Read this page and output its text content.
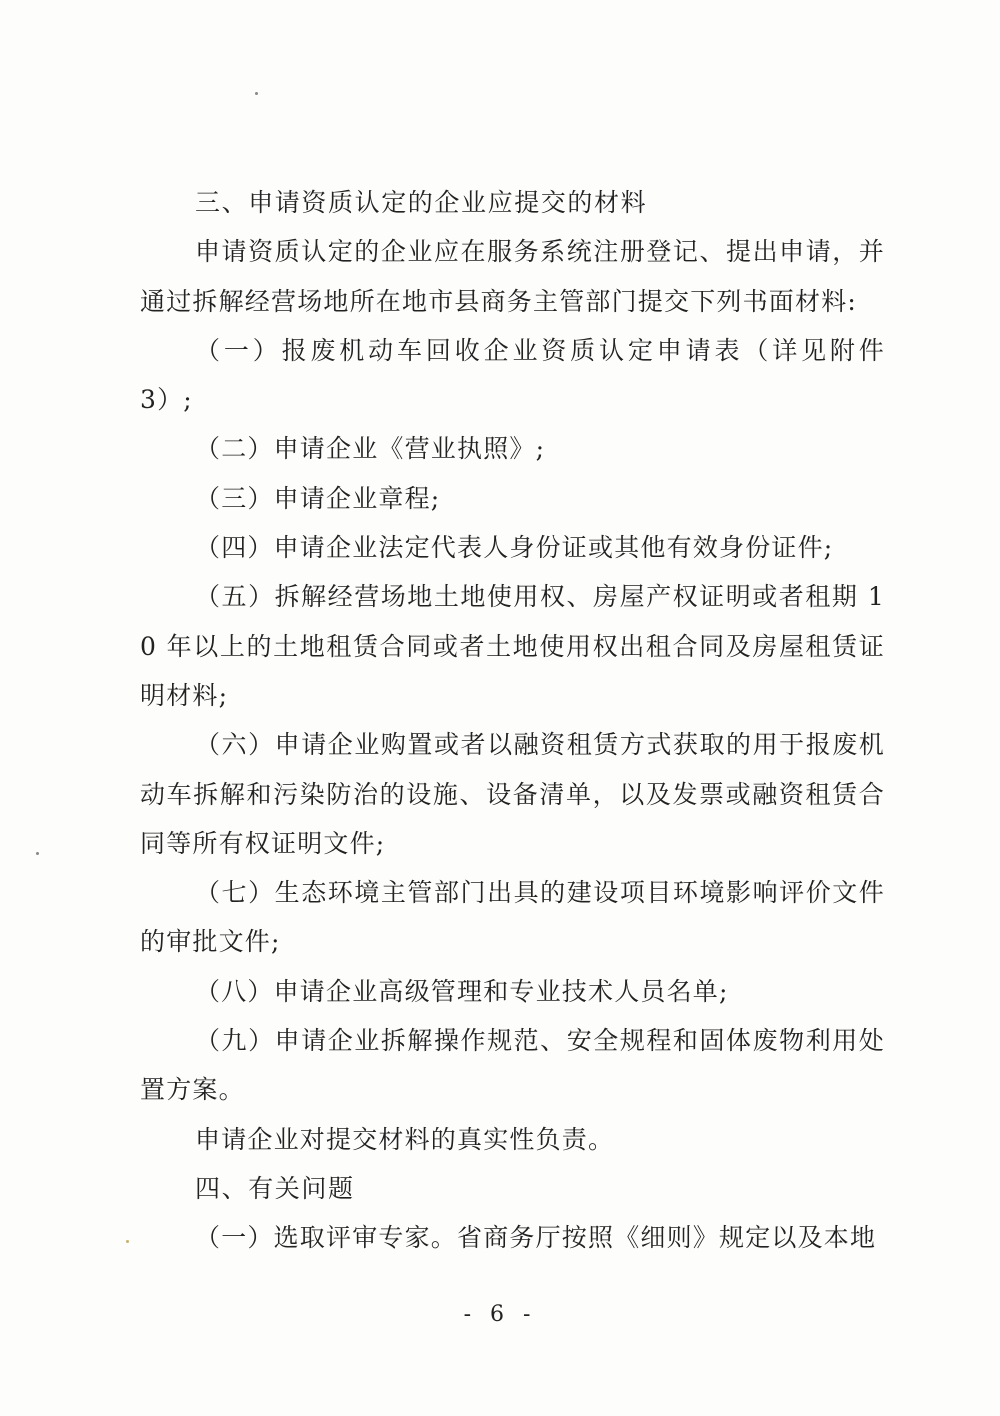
三、申请资质认定的企业应提交的材料

申请资质认定的企业应在服务系统注册登记、提出申请，并通过拆解经营场地所在地市县商务主管部门提交下列书面材料:

（一）报废机动车回收企业资质认定申请表（详见附件 3）;

（二）申请企业《营业执照》;

（三）申请企业章程;

（四）申请企业法定代表人身份证或其他有效身份证件;

（五）拆解经营场地土地使用权、房屋产权证明或者租期 10 年以上的土地租赁合同或者土地使用权出租合同及房屋租赁证明材料;

（六）申请企业购置或者以融资租赁方式获取的用于报废机动车拆解和污染防治的设施、设备清单，以及发票或融资租赁合同等所有权证明文件;

（七）生态环境主管部门出具的建设项目环境影响评价文件的审批文件;

（八）申请企业高级管理和专业技术人员名单;

（九）申请企业拆解操作规范、安全规程和固体废物利用处置方案。

申请企业对提交材料的真实性负责。

四、有关问题

（一）选取评审专家。省商务厅按照《细则》规定以及本地

- 6 -
